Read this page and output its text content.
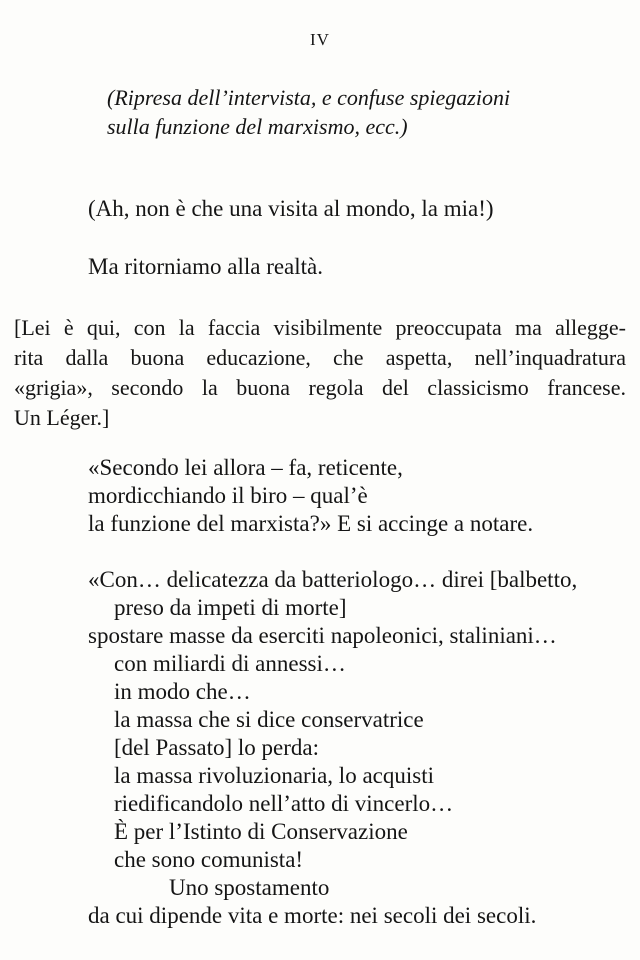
IV
(Ripresa dell’intervista, e confuse spiegazioni
sulla funzione del marxismo, ecc.)
(Ah, non è che una visita al mondo, la mia!)
Ma ritorniamo alla realtà.
[Lei è qui, con la faccia visibilmente preoccupata ma allegge-
rita dalla buona educazione, che aspetta, nell’inquadratura
«grigia», secondo la buona regola del classicismo francese.
Un Léger.]
«Secondo lei allora – fa, reticente,
mordicchiando il biro – qual’è
la funzione del marxista?» E si accinge a notare.
«Con… delicatezza da batteriologo… direi [balbetto,
preso da impeti di morte]
spostare masse da eserciti napoleonici, staliniani…
con miliardi di annessi…
in modo che…
la massa che si dice conservatrice
[del Passato] lo perda:
la massa rivoluzionaria, lo acquisti
riedificandolo nell’atto di vincerlo…
È per l’Istinto di Conservazione
che sono comunista!
Uno spostamento
da cui dipende vita e morte: nei secoli dei secoli.
